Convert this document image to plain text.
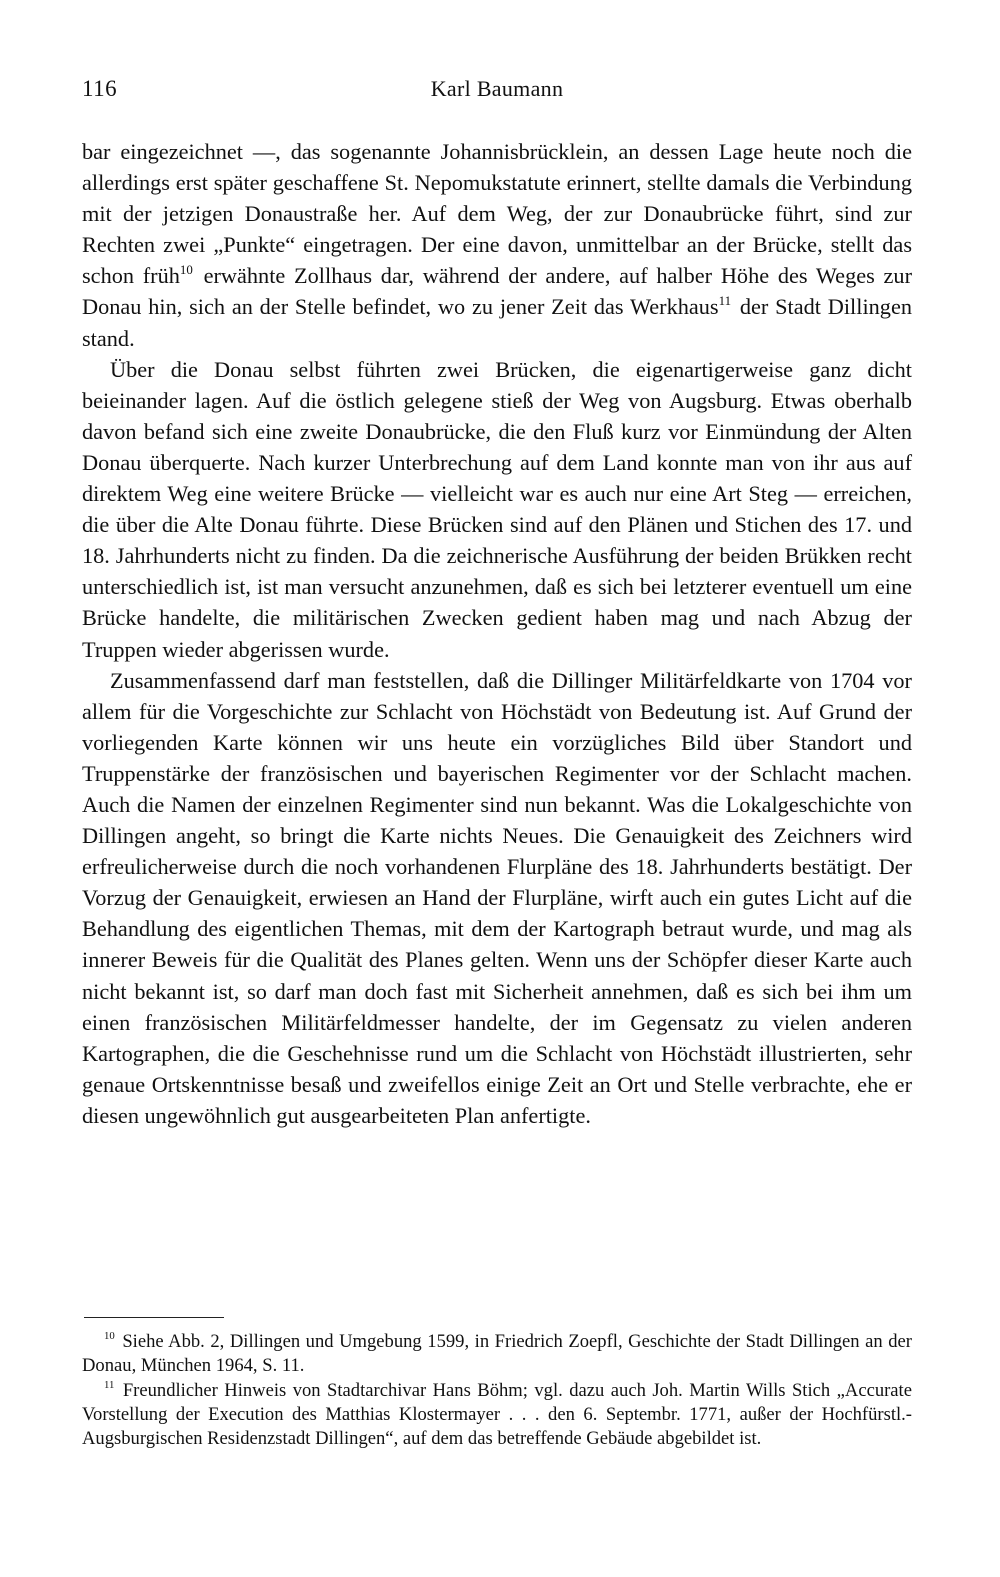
116	Karl Baumann

bar eingezeichnet —, das sogenannte Johannisbrücklein, an dessen Lage heute noch die allerdings erst später geschaffene St. Nepomukstatute erinnert, stellte damals die Verbindung mit der jetzigen Donaustraße her. Auf dem Weg, der zur Donaubrücke führt, sind zur Rechten zwei „Punkte“ eingetragen. Der eine davon, unmittelbar an der Brücke, stellt das schon früh$^{10}$ erwähnte Zollhaus dar, während der andere, auf halber Höhe des Weges zur Donau hin, sich an der Stelle befindet, wo zu jener Zeit das Werkhaus$^{11}$ der Stadt Dillingen stand.

Über die Donau selbst führten zwei Brücken, die eigenartigerweise ganz dicht beieinander lagen. Auf die östlich gelegene stieß der Weg von Augsburg. Etwas oberhalb davon befand sich eine zweite Donaubrücke, die den Fluß kurz vor Einmündung der Alten Donau überquerte. Nach kurzer Unterbrechung auf dem Land konnte man von ihr aus auf direktem Weg eine weitere Brücke — vielleicht war es auch nur eine Art Steg — erreichen, die über die Alte Donau führte. Diese Brücken sind auf den Plänen und Stichen des 17. und 18. Jahrhunderts nicht zu finden. Da die zeichnerische Ausführung der beiden Brükken recht unterschiedlich ist, ist man versucht anzunehmen, daß es sich bei letzterer eventuell um eine Brücke handelte, die militärischen Zwecken gedient haben mag und nach Abzug der Truppen wieder abgerissen wurde.

Zusammenfassend darf man feststellen, daß die Dillinger Militärfeldkarte von 1704 vor allem für die Vorgeschichte zur Schlacht von Höchstädt von Bedeutung ist. Auf Grund der vorliegenden Karte können wir uns heute ein vorzügliches Bild über Standort und Truppenstärke der französischen und bayerischen Regimenter vor der Schlacht machen. Auch die Namen der einzelnen Regimenter sind nun bekannt. Was die Lokalgeschichte von Dillingen angeht, so bringt die Karte nichts Neues. Die Genauigkeit des Zeichners wird erfreulicherweise durch die noch vorhandenen Flurpläne des 18. Jahrhunderts bestätigt. Der Vorzug der Genauigkeit, erwiesen an Hand der Flurpläne, wirft auch ein gutes Licht auf die Behandlung des eigentlichen Themas, mit dem der Kartograph betraut wurde, und mag als innerer Beweis für die Qualität des Planes gelten. Wenn uns der Schöpfer dieser Karte auch nicht bekannt ist, so darf man doch fast mit Sicherheit annehmen, daß es sich bei ihm um einen französischen Militärfeldmesser handelte, der im Gegensatz zu vielen anderen Kartographen, die die Geschehnisse rund um die Schlacht von Höchstädt illustrierten, sehr genaue Ortskenntnisse besaß und zweifellos einige Zeit an Ort und Stelle verbrachte, ehe er diesen ungewöhnlich gut ausgearbeiteten Plan anfertigte.

$^{10}$ Siehe Abb. 2, Dillingen und Umgebung 1599, in Friedrich Zoepfl, Geschichte der Stadt Dillingen an der Donau, München 1964, S. 11.

$^{11}$ Freundlicher Hinweis von Stadtarchivar Hans Böhm; vgl. dazu auch Joh. Martin Wills Stich „Accurate Vorstellung der Execution des Matthias Klostermayer . . . den 6. Septembr. 1771, außer der Hochfürstl.-Augsburgischen Residenzstadt Dillingen“, auf dem das betreffende Gebäude abgebildet ist.
